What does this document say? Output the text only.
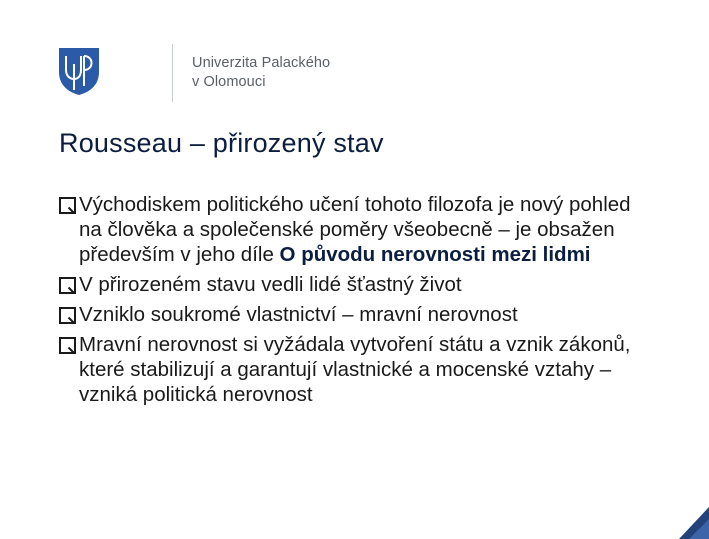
Univerzita Palackého
v Olomouci
Rousseau – přirozený stav
Východiskem politického učení tohoto filozofa je nový pohled na člověka a společenské poměry všeobecně – je obsažen především v jeho díle O původu nerovnosti mezi lidmi
V přirozeném stavu vedli lidé šťastný život
Vzniklo soukromé vlastnictví – mravní nerovnost
Mravní nerovnost si vyžádala vytvoření státu a vznik zákonů, které stabilizují a garantují vlastnické a mocenské vztahy – vzniká politická nerovnost
